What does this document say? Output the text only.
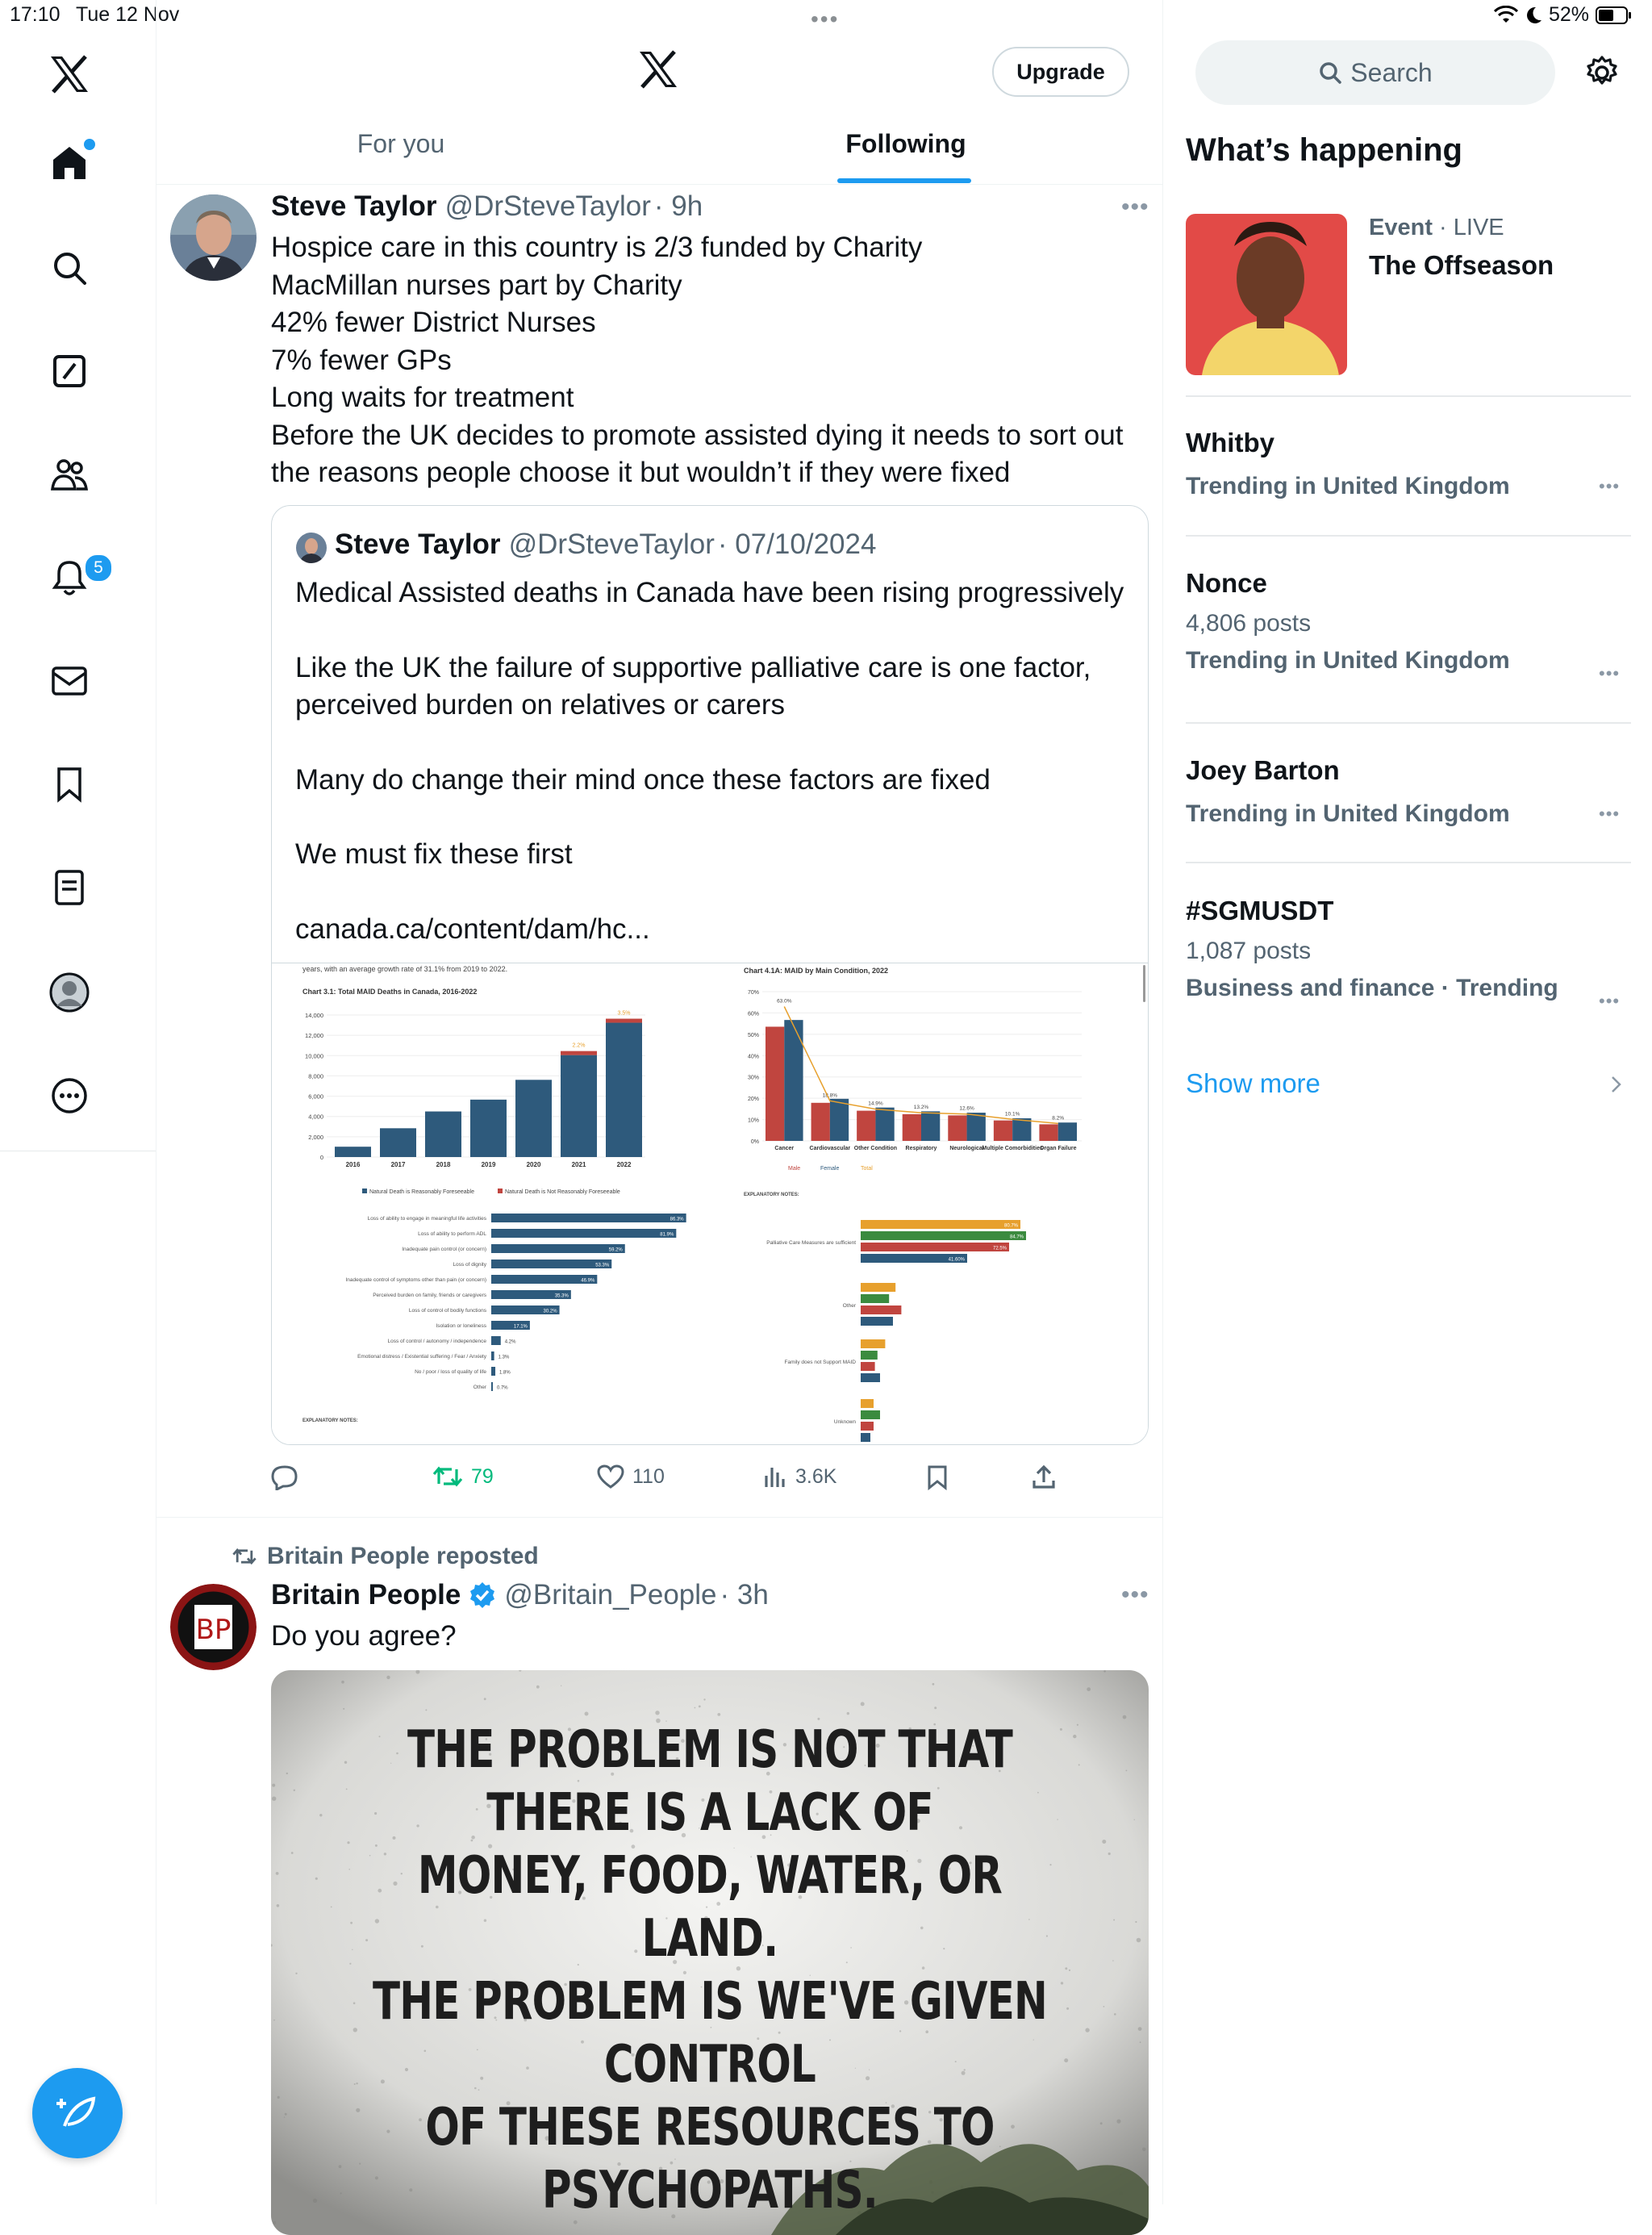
17:10 Tue 12 Nov	•••	52%
5
Upgrade
For you	Following
Steve Taylor @DrSteveTaylor · 9h	•••
Hospice care in this country is 2/3 funded by Charity
MacMillan nurses part by Charity
42% fewer District Nurses
7% fewer GPs
Long waits for treatment
Before the UK decides to promote assisted dying it needs to sort out
the reasons people choose it but wouldn’t if they were fixed
Steve Taylor @DrSteveTaylor · 07/10/2024
Medical Assisted deaths in Canada have been rising progressively
Like the UK the failure of supportive palliative care is one factor,
perceived burden on relatives or carers
Many do change their mind once these factors are fixed
We must fix these first
canada.ca/content/dam/hc...
years, with an average growth rate of 31.1% from 2019 to 2022.
Chart 3.1: Total MAID Deaths in Canada, 2016-2022
14,000
12,000
10,000
8,000
6,000
4,000
2,000
0
2016	2017	2018	2019	2020	2021	2022
2.2%
3.5%
Natural Death is Reasonably Foreseeable	Natural Death is Not Reasonably Foreseeable
Chart 4.1A: MAID by Main Condition, 2022
70%
60%
50%
40%
30%
20%
10%
0%
63.0%
Cancer
18.8%
Cardiovascular
14.9%
Other Condition
13.2%
Respiratory
12.6%
Neurological
10.1%
Multiple Comorbidities
8.2%
Organ Failure
Male	Female	Total
EXPLANATORY NOTES:
Loss of ability to engage in meaningful life activities	86.3%
Loss of ability to perform ADL	81.9%
Inadequate pain control (or concern)	59.2%
Loss of dignity	53.3%
Inadequate control of symptoms other than pain (or concern)	46.9%
Perceived burden on family, friends or caregivers	35.3%
Loss of control of bodily functions	30.2%
Isolation or loneliness	17.1%
Loss of control / autonomy / independence	4.2%
Emotional distress / Existential suffering / Fear / Anxiety 1.3%
No / poor / loss of quality of life	1.8%
Other 0.7%
EXPLANATORY NOTES:
Palliative Care Measures are sufficient
80.7%
84.7%
72.5%
41.60%
Other
Family does not Support MAID
Unknown
79	110	3.6K
Britain People reposted
BP
Britain People @Britain_People · 3h	•••
Do you agree?
THE PROBLEM IS NOT THAT
THERE IS A LACK OF
MONEY, FOOD, WATER, OR LAND.
THE PROBLEM IS WE'VE GIVEN CONTROL
OF THESE RESOURCES TO
PSYCHOPATHS.
Search
What’s happening
Event · LIVE
The Offseason
Whitby
Trending in United Kingdom	•••
Nonce
4,806 posts
Trending in United Kingdom	•••
Joey Barton
Trending in United Kingdom	•••
#SGMUSDT
1,087 posts
Business and finance · Trending	•••
Show more
